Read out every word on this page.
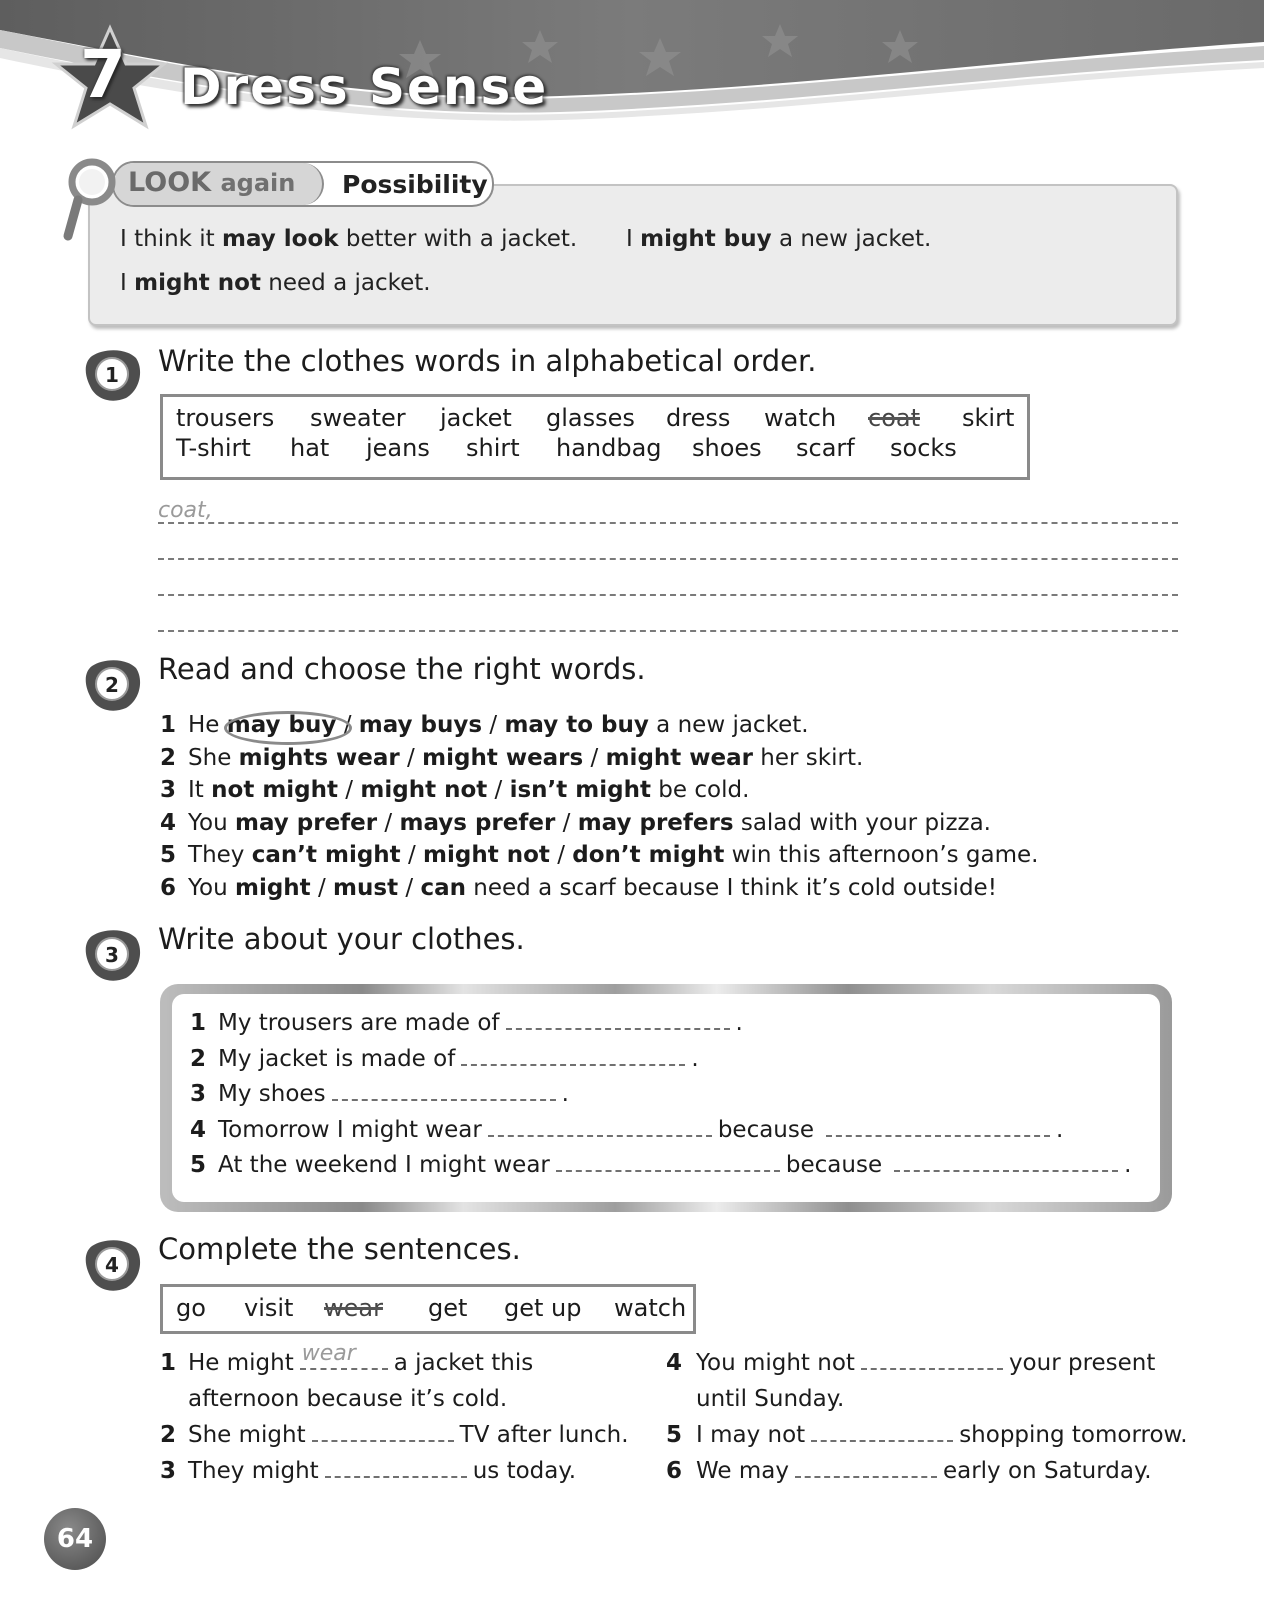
7 Dress Sense
LOOK again Possibility
I think it may look better with a jacket. I might buy a new jacket.
I might not need a jacket.
1 Write the clothes words in alphabetical order.
trousers sweater jacket glasses dress watch coat skirt
T-shirt hat jeans shirt handbag shoes scarf socks
coat,
2 Read and choose the right words.
1 He may buy / may buys / may to buy a new jacket.
2 She mights wear / might wears / might wear her skirt.
3 It not might / might not / isn’t might be cold.
4 You may prefer / mays prefer / may prefers salad with your pizza.
5 They can’t might / might not / don’t might win this afternoon’s game.
6 You might / must / can need a scarf because I think it’s cold outside!
3 Write about your clothes.
1 My trousers are made of	.
2 My jacket is made of	.
3 My shoes	.
4 Tomorrow I might wear	because	.
5 At the weekend I might wear	because	.
4 Complete the sentences.
go visit wear get get up watch
1 He might wear a jacket this
afternoon because it’s cold.
2 She might	TV after lunch.
3 They might	us today.
4 You might not	your present
until Sunday.
5 I may not	shopping tomorrow.
6 We may	early on Saturday.
64
